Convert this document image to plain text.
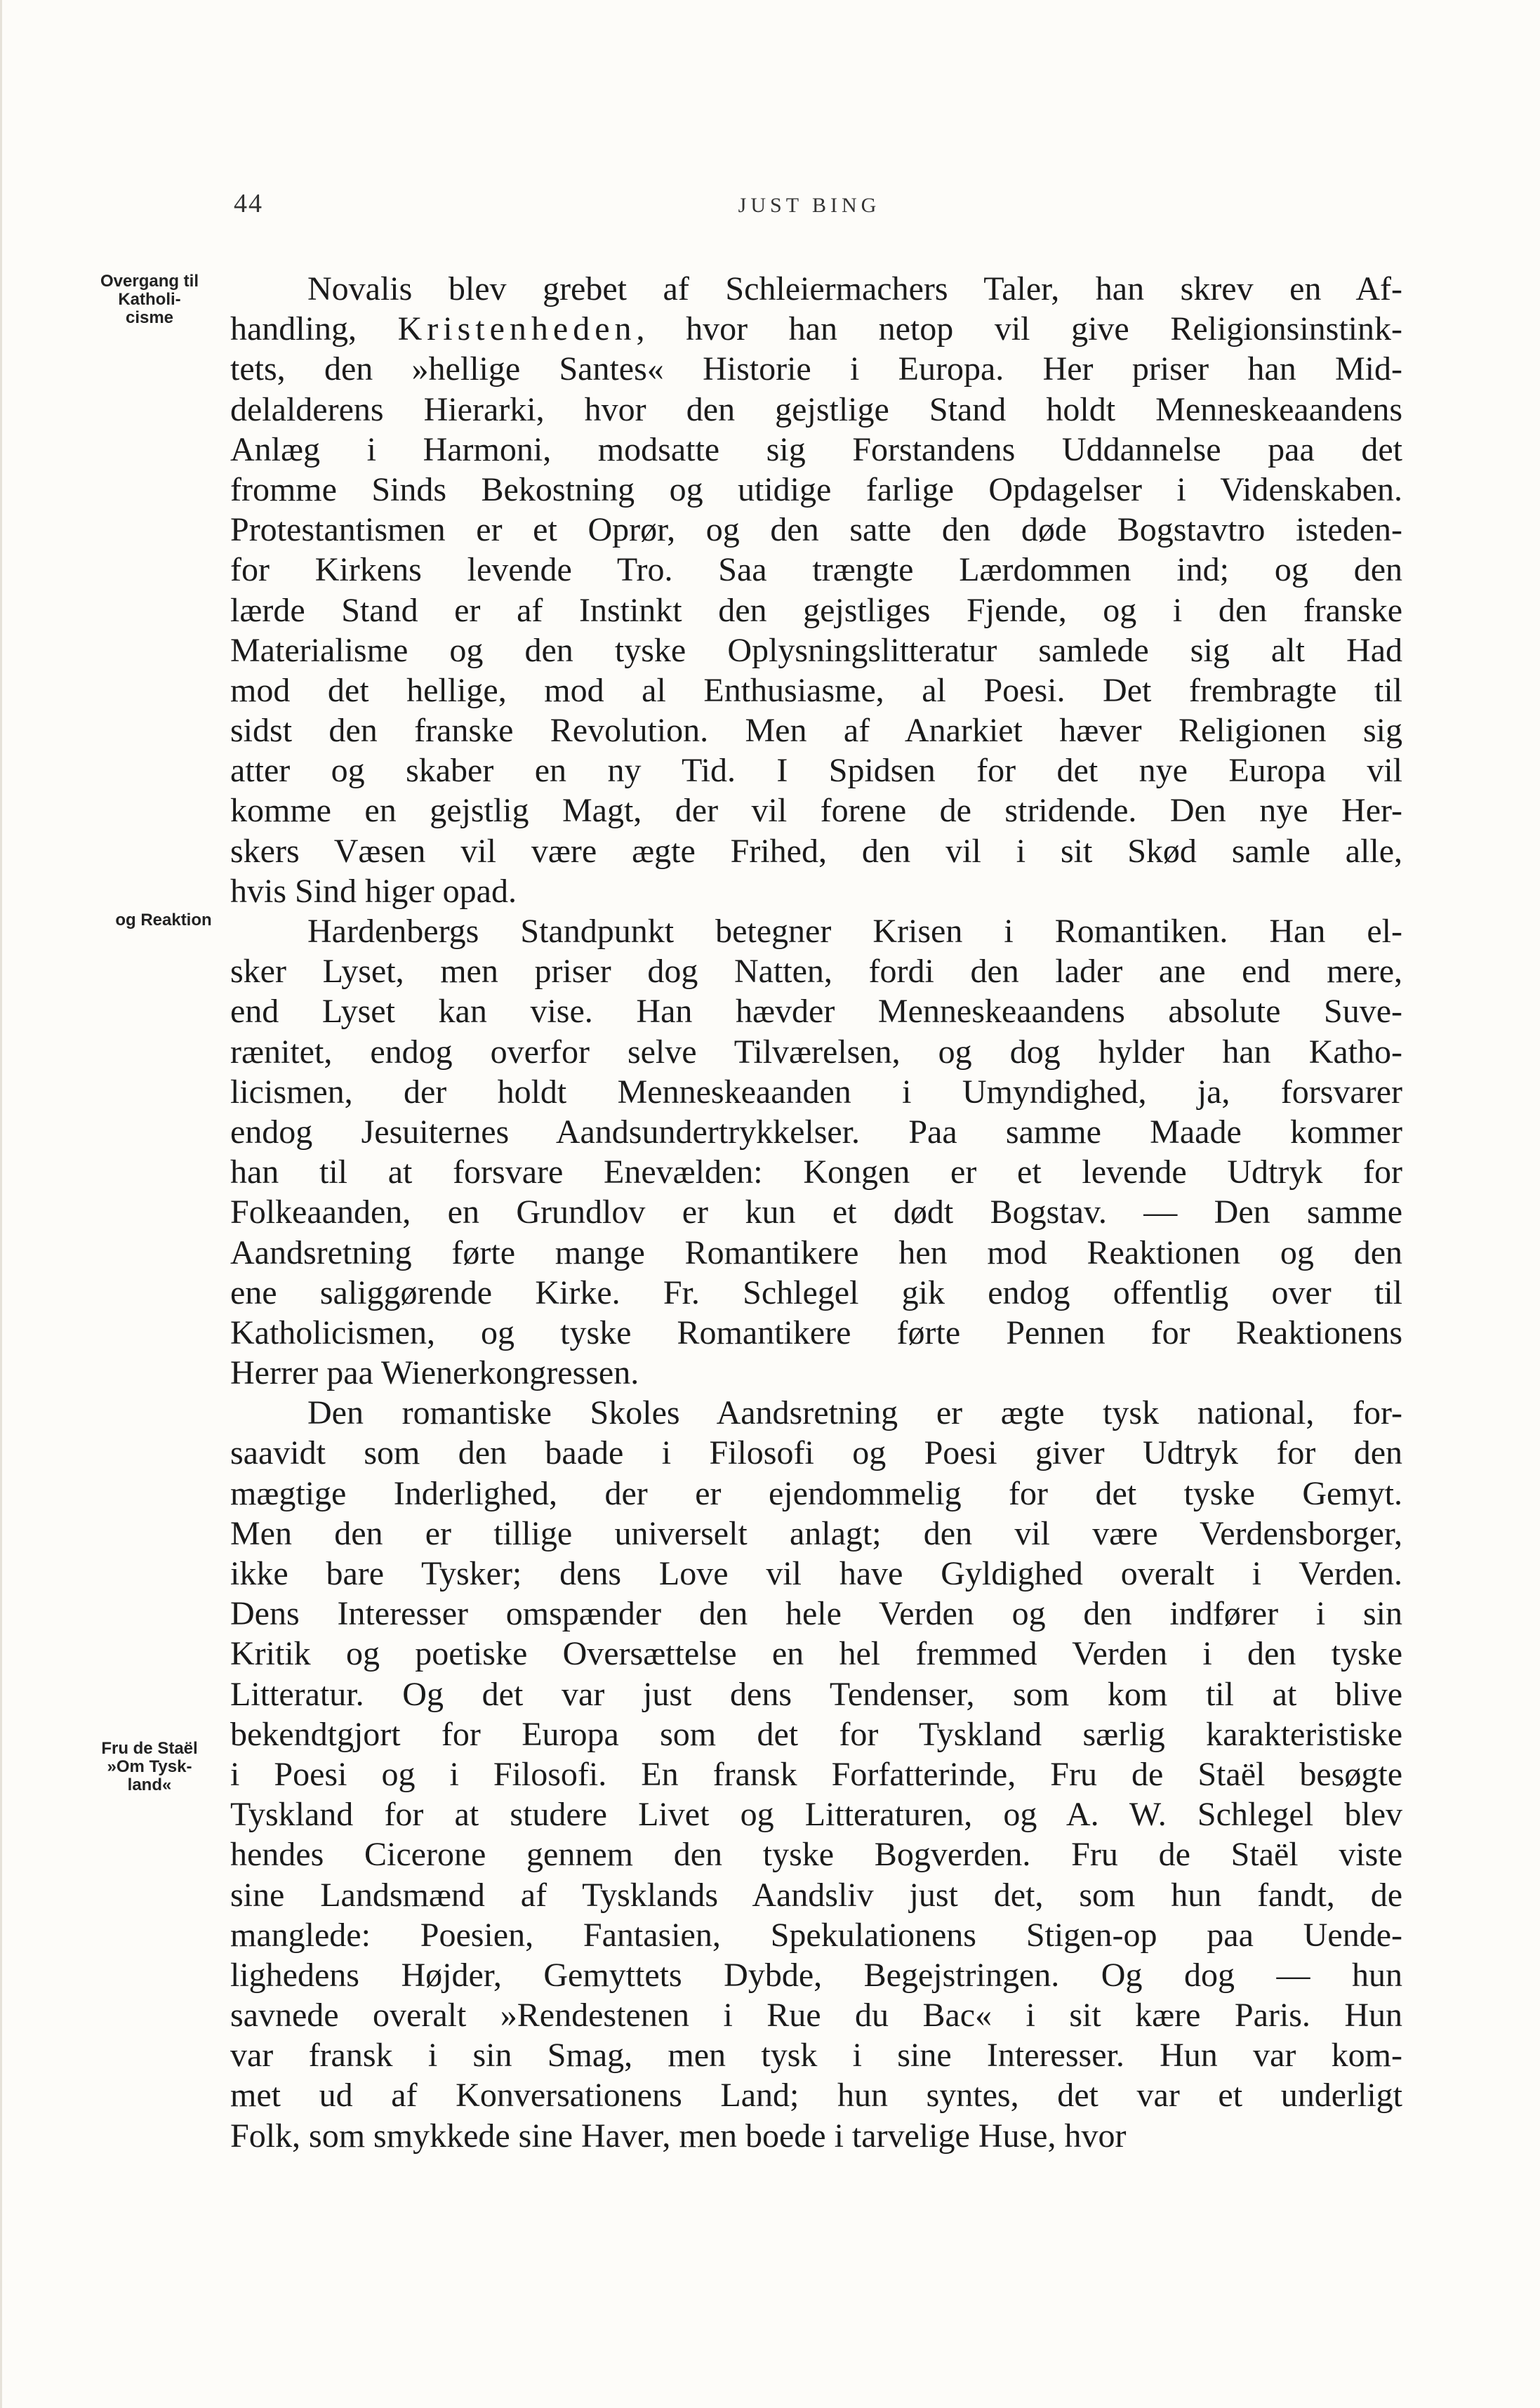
44	JUST BING
Overgang til
Katholi-
cisme
og Reaktion
Fru de Staël
»Om Tysk-
land«
Novalis blev grebet af Schleiermachers Taler, han skrev en Af-
handling, Kristenheden, hvor han netop vil give Religionsinstink-
tets, den »hellige Santes« Historie i Europa. Her priser han Mid-
delalderens Hierarki, hvor den gejstlige Stand holdt Menneskeaandens
Anlæg i Harmoni, modsatte sig Forstandens Uddannelse paa det
fromme Sinds Bekostning og utidige farlige Opdagelser i Videnskaben.
Protestantismen er et Oprør, og den satte den døde Bogstavtro isteden-
for Kirkens levende Tro. Saa trængte Lærdommen ind; og den
lærde Stand er af Instinkt den gejstliges Fjende, og i den franske
Materialisme og den tyske Oplysningslitteratur samlede sig alt Had
mod det hellige, mod al Enthusiasme, al Poesi. Det frembragte til
sidst den franske Revolution. Men af Anarkiet hæver Religionen sig
atter og skaber en ny Tid. I Spidsen for det nye Europa vil
komme en gejstlig Magt, der vil forene de stridende. Den nye Her-
skers Væsen vil være ægte Frihed, den vil i sit Skød samle alle,
hvis Sind higer opad.
Hardenbergs Standpunkt betegner Krisen i Romantiken. Han el-
sker Lyset, men priser dog Natten, fordi den lader ane end mere,
end Lyset kan vise. Han hævder Menneskeaandens absolute Suve-
rænitet, endog overfor selve Tilværelsen, og dog hylder han Katho-
licismen, der holdt Menneskeaanden i Umyndighed, ja, forsvarer
endog Jesuiternes Aandsundertrykkelser. Paa samme Maade kommer
han til at forsvare Enevælden: Kongen er et levende Udtryk for
Folkeaanden, en Grundlov er kun et dødt Bogstav. — Den samme
Aandsretning førte mange Romantikere hen mod Reaktionen og den
ene saliggørende Kirke. Fr. Schlegel gik endog offentlig over til
Katholicismen, og tyske Romantikere førte Pennen for Reaktionens
Herrer paa Wienerkongressen.
Den romantiske Skoles Aandsretning er ægte tysk national, for-
saavidt som den baade i Filosofi og Poesi giver Udtryk for den
mægtige Inderlighed, der er ejendommelig for det tyske Gemyt.
Men den er tillige universelt anlagt; den vil være Verdensborger,
ikke bare Tysker; dens Love vil have Gyldighed overalt i Verden.
Dens Interesser omspænder den hele Verden og den indfører i sin
Kritik og poetiske Oversættelse en hel fremmed Verden i den tyske
Litteratur. Og det var just dens Tendenser, som kom til at blive
bekendtgjort for Europa som det for Tyskland særlig karakteristiske
i Poesi og i Filosofi. En fransk Forfatterinde, Fru de Staël besøgte
Tyskland for at studere Livet og Litteraturen, og A. W. Schlegel blev
hendes Cicerone gennem den tyske Bogverden. Fru de Staël viste
sine Landsmænd af Tysklands Aandsliv just det, som hun fandt, de
manglede: Poesien, Fantasien, Spekulationens Stigen-op paa Uende-
lighedens Højder, Gemyttets Dybde, Begejstringen. Og dog — hun
savnede overalt »Rendestenen i Rue du Bac« i sit kære Paris. Hun
var fransk i sin Smag, men tysk i sine Interesser. Hun var kom-
met ud af Konversationens Land; hun syntes, det var et underligt
Folk, som smykkede sine Haver, men boede i tarvelige Huse, hvor
